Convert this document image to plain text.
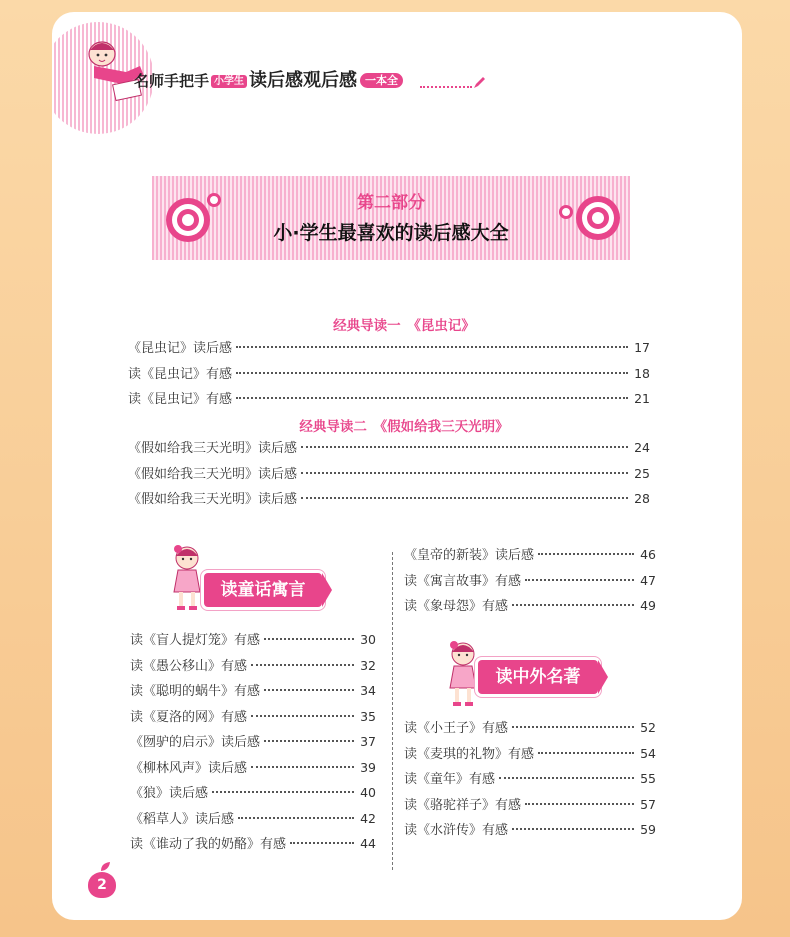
名师手把手 小学生 读后感观后感 一本全
第二部分
小·学生最喜欢的读后感大全
经典导读一　《昆虫记》
《昆虫记》读后感	17
读《昆虫记》有感	18
读《昆虫记》有感	21
经典导读二　《假如给我三天光明》
《假如给我三天光明》读后感	24
《假如给我三天光明》读后感	25
《假如给我三天光明》读后感	28
读童话寓言
读《盲人提灯笼》有感	30
读《愚公移山》有感	32
读《聪明的蜗牛》有感	34
读《夏洛的网》有感	35
《囫驴的启示》读后感	37
《柳林风声》读后感	39
《狼》读后感	40
《稻草人》读后感	42
读《谁动了我的奶酪》有感	44
《皇帝的新装》读后感	46
读《寓言故事》有感	47
读《象母怨》有感	49
读中外名著
读《小王子》有感	52
读《麦琪的礼物》有感	54
读《童年》有感	55
读《骆驼祥子》有感	57
读《水浒传》有感	59
2
